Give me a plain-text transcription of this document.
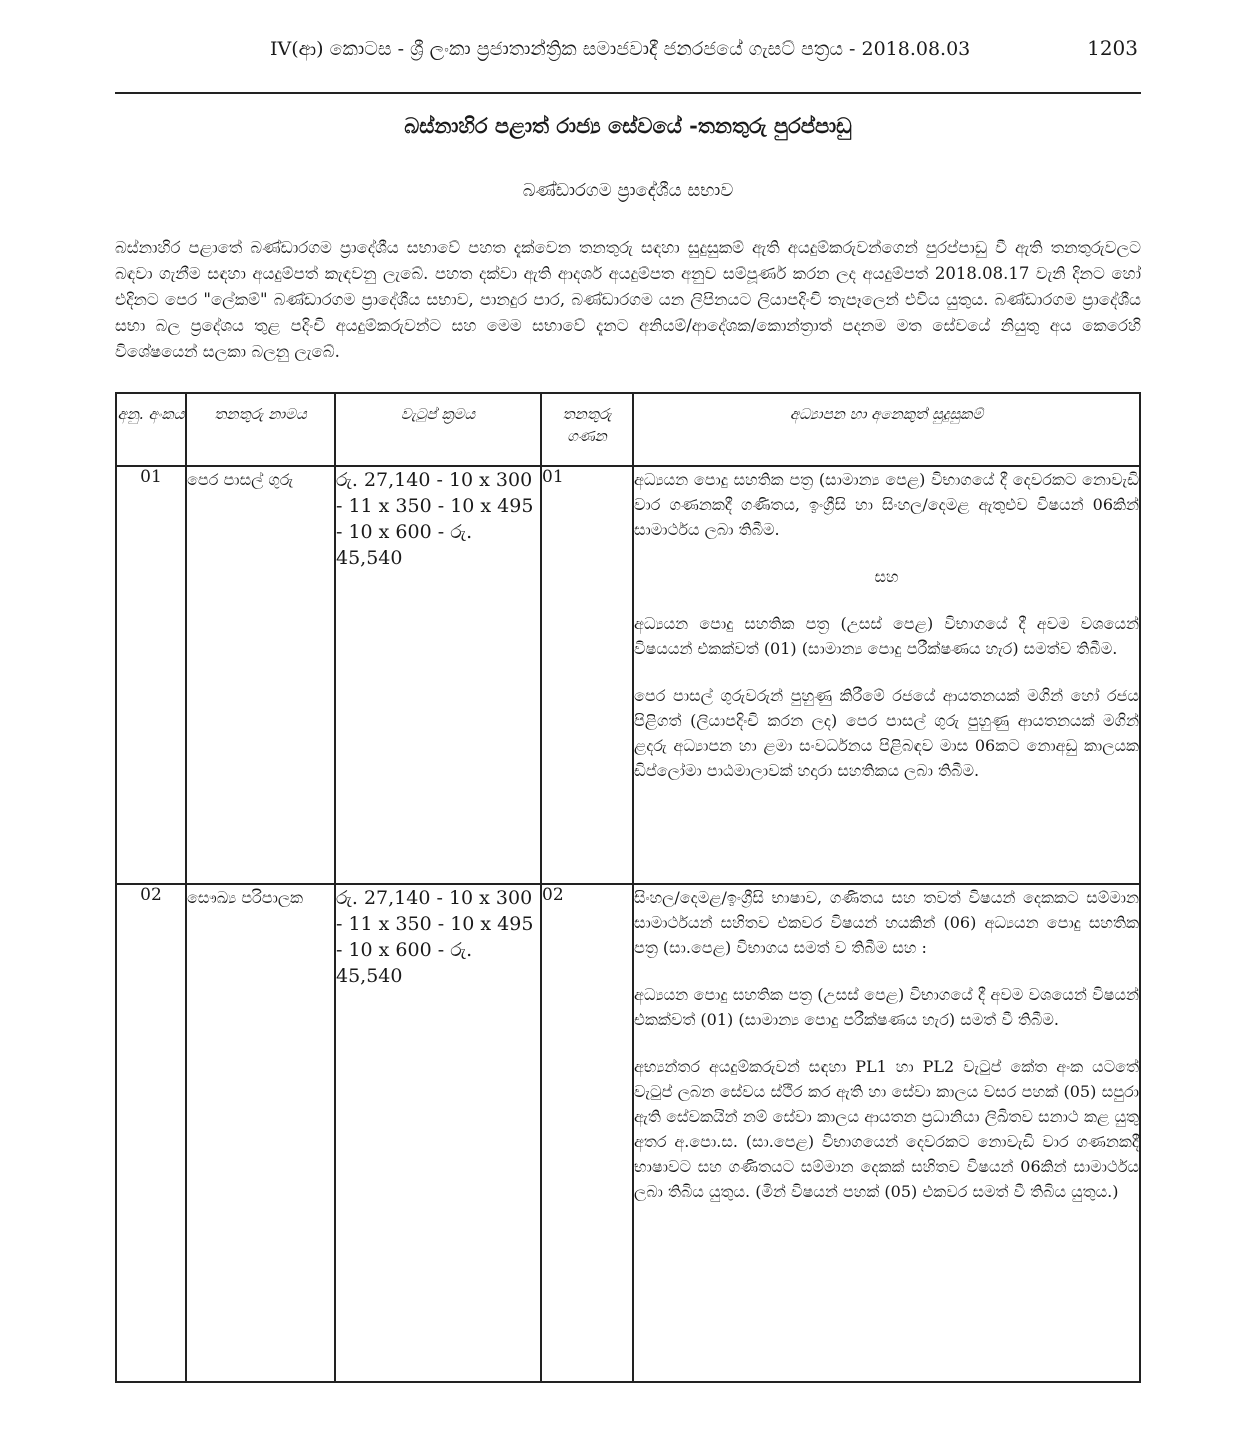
IV(ආ) කොටස - ශ්‍රී ලංකා ප්‍රජාතාන්ත්‍රික සමාජවාදී ජනරජයේ ගැසට් පත්‍රය - 2018.08.03	1203
බස්නාහිර පළාත් රාජ්‍ය සේවයේ -තනතුරු පුරප්පාඩු
බණ්ඩාරගම ප්‍රාදේශීය සභාව
බස්නාහිර පළාතේ බණ්ඩාරගම ප්‍රාදේශීය සභාවේ පහත දැක්වෙන තනතුරු සඳහා සුදුසුකම් ඇති අයදුම්කරුවන්ගෙන් පුරප්පාඩු වී ඇති තනතුරුවලට බඳවා ගැනීම සඳහා අයදුම්පත් කැඳවනු ලැබේ. පහත දක්වා ඇති ආදර්ශ අයදුම්පත අනුව සම්පූර්ණ කරන ලද අයදුම්පත් 2018.08.17 වැනි දිනට හෝ එදිනට පෙර "ලේකම්" බණ්ඩාරගම ප්‍රාදේශීය සභාව, පානදුර පාර, බණ්ඩාරගම යන ලිපිනයට ලියාපදිංචි තැපෑලෙන් එවිය යුතුය. බණ්ඩාරගම ප්‍රාදේශීය සභා බල ප්‍රදේශය තුළ පදිංචි අයදුම්කරුවන්ට සහ මෙම සභාවේ දැනට අනියම්/ආදේශක/කොන්ත්‍රාත් පදනම මත සේවයේ නියුතු අය කෙරෙහි විශේෂයෙන් සලකා බලනු ලැබේ.
අනු. අංකය	තනතුරු නාමය	වැටුප් ක්‍රමය	තනතුරු ගණන	අධ්‍යාපන හා අනෙකුත් සුදුසුකම්
01	පෙර පාසල් ගුරු	රු. 27,140 - 10 x 300 - 11 x 350 - 10 x 495 - 10 x 600 - රු. 45,540	01	අධ්‍යයන පොදු සහතික පත්‍ර (සාමාන්‍ය පෙළ) විභාගයේ දී දෙවරකට නොවැඩි වාර ගණනකදී ගණිතය, ඉංග්‍රීසි හා සිංහල/දෙමළ ඇතුළුව විෂයන් 06කින් සාමාර්ථය ලබා තිබීම.

සහ

අධ්‍යයන පොදු සහතික පත්‍ර (උසස් පෙළ) විභාගයේ දී අවම වශයෙන් විෂයයන් එකක්වත් (01) (සාමාන්‍ය පොදු පරීක්ෂණය හැර) සමත්ව තිබීම.

පෙර පාසල් ගුරුවරුන් පුහුණු කිරීමේ රජයේ ආයතනයක් මගින් හෝ රජය පිළිගත් (ලියාපදිංචි කරන ලද) පෙර පාසල් ගුරු පුහුණු ආයතනයක් මගින් ළදරු අධ්‍යාපන හා ළමා සංවර්ධනය පිළිබඳව මාස 06කට නොඅඩු කාලයක ඩිප්ලෝමා පාඨමාලාවක් හදාරා සහතිකය ලබා තිබීම.

02	සෞඛ්‍ය පරිපාලක	රු. 27,140 - 10 x 300 - 11 x 350 - 10 x 495 - 10 x 600 - රු. 45,540	02	සිංහල/දෙමළ/ඉංග්‍රීසි භාෂාව, ගණිතය සහ තවත් විෂයන් දෙකකට සම්මාන සාමාර්ථයන් සහිතව එකවර විෂයන් හයකින් (06) අධ්‍යයන පොදු සහතික පත්‍ර (සා.පෙළ) විභාගය සමත් ව තිබීම සහ :

අධ්‍යයන පොදු සහතික පත්‍ර (උසස් පෙළ) විභාගයේ දී අවම වශයෙන් විෂයන් එකක්වත් (01) (සාමාන්‍ය පොදු පරීක්ෂණය හැර) සමත් වී තිබීම.

අභ්‍යන්තර අයදුම්කරුවන් සඳහා PL1 හා PL2 වැටුප් කේත අංක යටතේ වැටුප් ලබන සේවය ස්ථිර කර ඇති හා සේවා කාලය වසර පහක් (05) සපුරා ඇති සේවකයින් නම් සේවා කාලය ආයතන ප්‍රධානියා ලිඛිතව සනාථ කළ යුතු අතර අ.පො.ස. (සා.පෙළ) විභාගයෙන් දෙවරකට නොවැඩි වාර ගණනකදී භාෂාවට සහ ගණිතයට සම්මාන දෙකක් සහිතව විෂයන් 06කින් සාමාර්ථය ලබා තිබිය යුතුය. (මින් විෂයන් පහක් (05) එකවර සමත් වී තිබිය යුතුය.)
